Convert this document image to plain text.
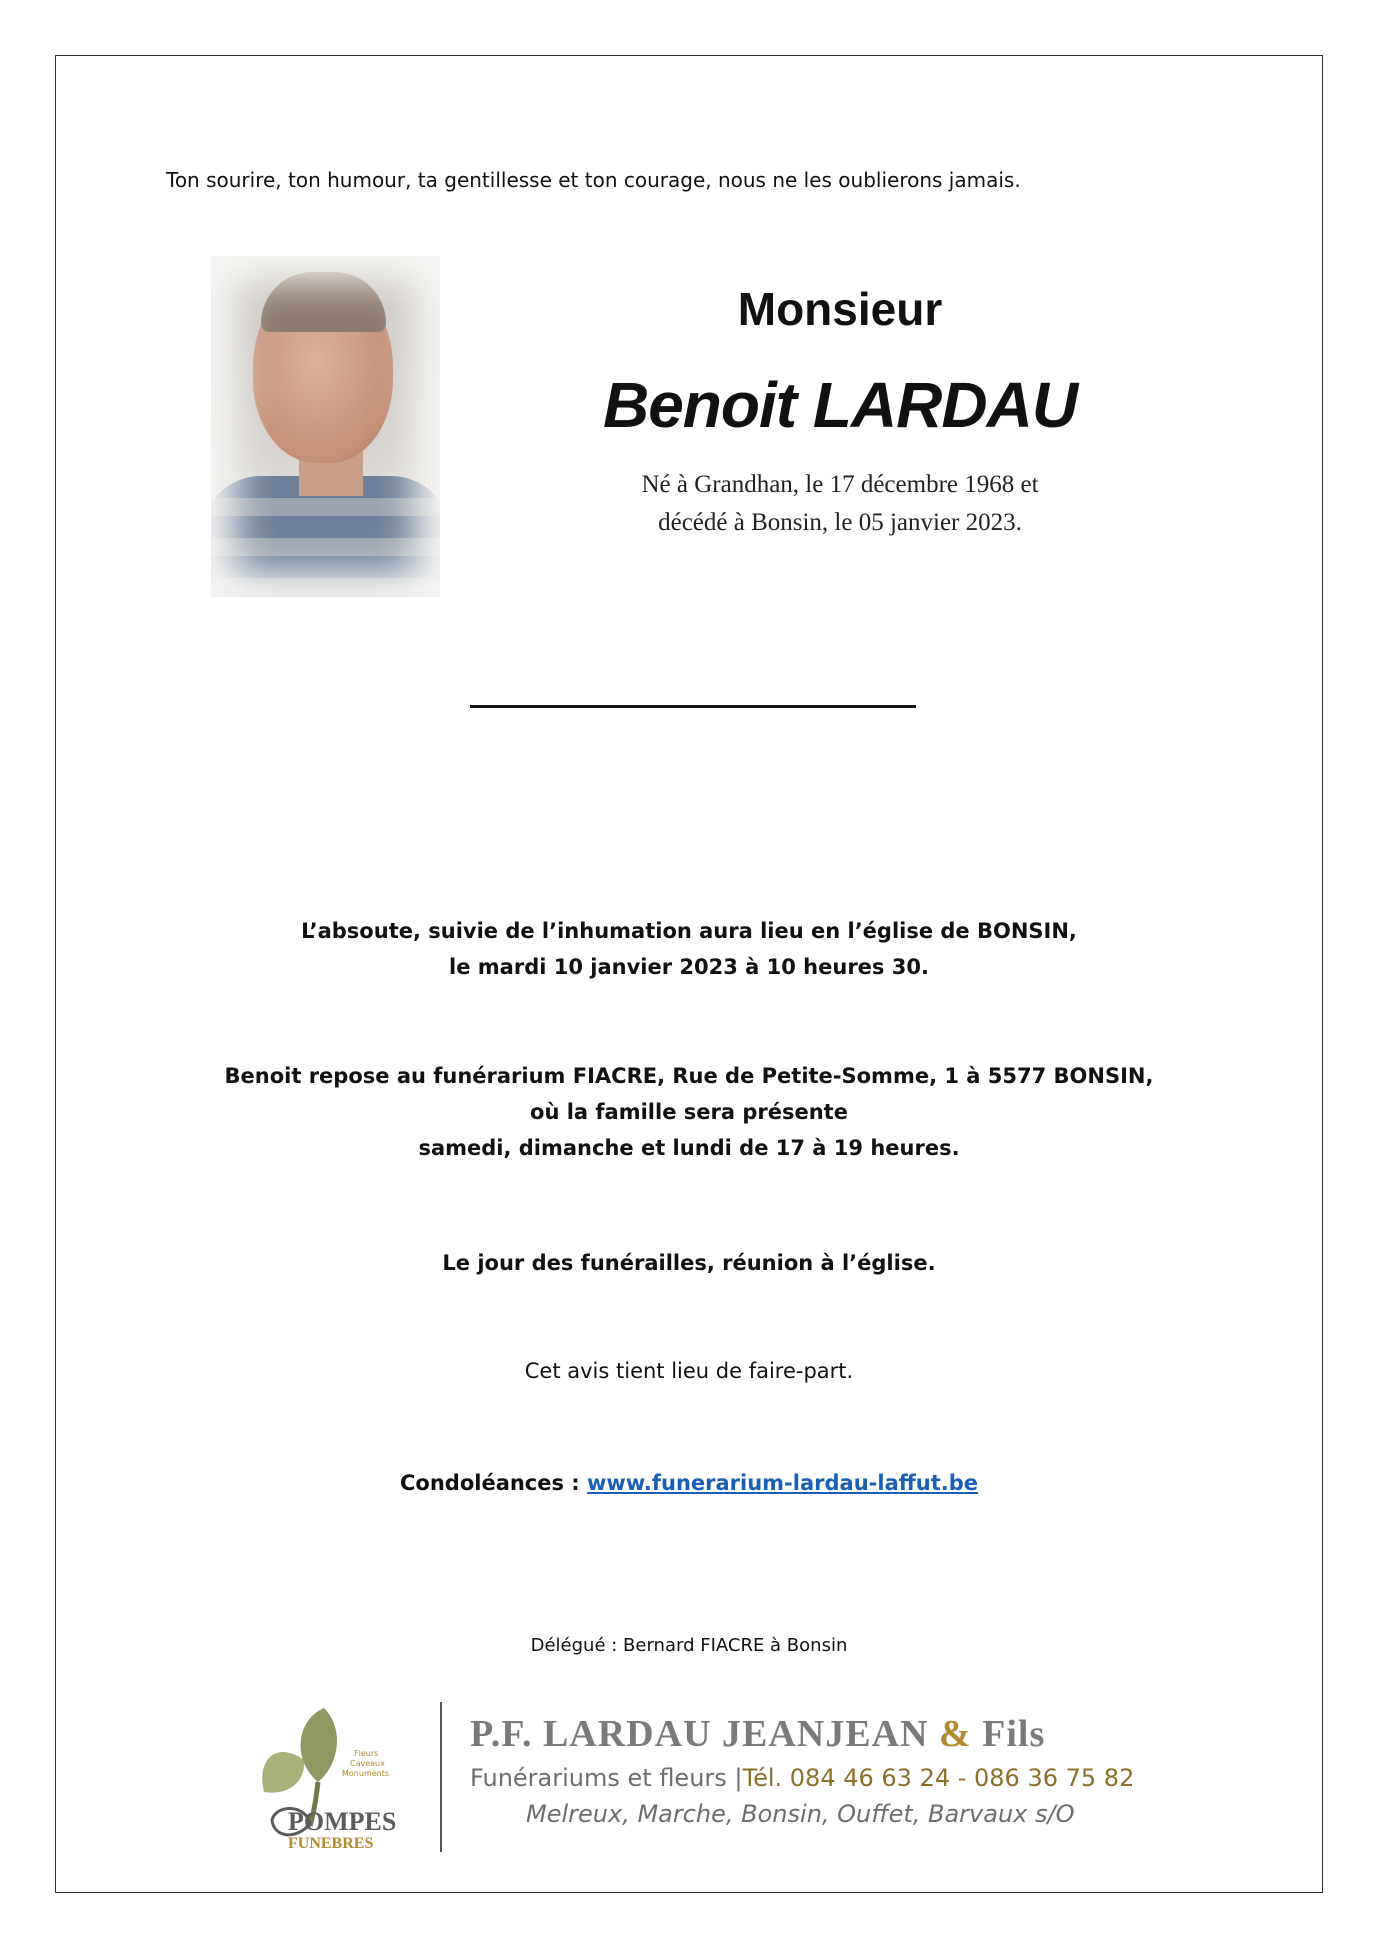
Ton sourire, ton humour, ta gentillesse et ton courage, nous ne les oublierons jamais.
Monsieur
Benoit LARDAU
Né à Grandhan, le 17 décembre 1968 et
décédé à Bonsin, le 05 janvier 2023.
L’absoute, suivie de l’inhumation aura lieu en l’église de BONSIN,
le mardi 10 janvier 2023 à 10 heures 30.
Benoit repose au funérarium FIACRE, Rue de Petite-Somme, 1 à 5577 BONSIN,
où la famille sera présente
samedi, dimanche et lundi de 17 à 19 heures.
Le jour des funérailles, réunion à l’église.
Cet avis tient lieu de faire-part.
Condoléances : www.funerarium-lardau-laffut.be
Délégué : Bernard FIACRE à Bonsin
Fleurs
Caveaux
Monuments
POMPES
FUNEBRES
P.F. LARDAU JEANJEAN & Fils
Funérariums et fleurs |Tél. 084 46 63 24 - 086 36 75 82
Melreux, Marche, Bonsin, Ouffet, Barvaux s/O
